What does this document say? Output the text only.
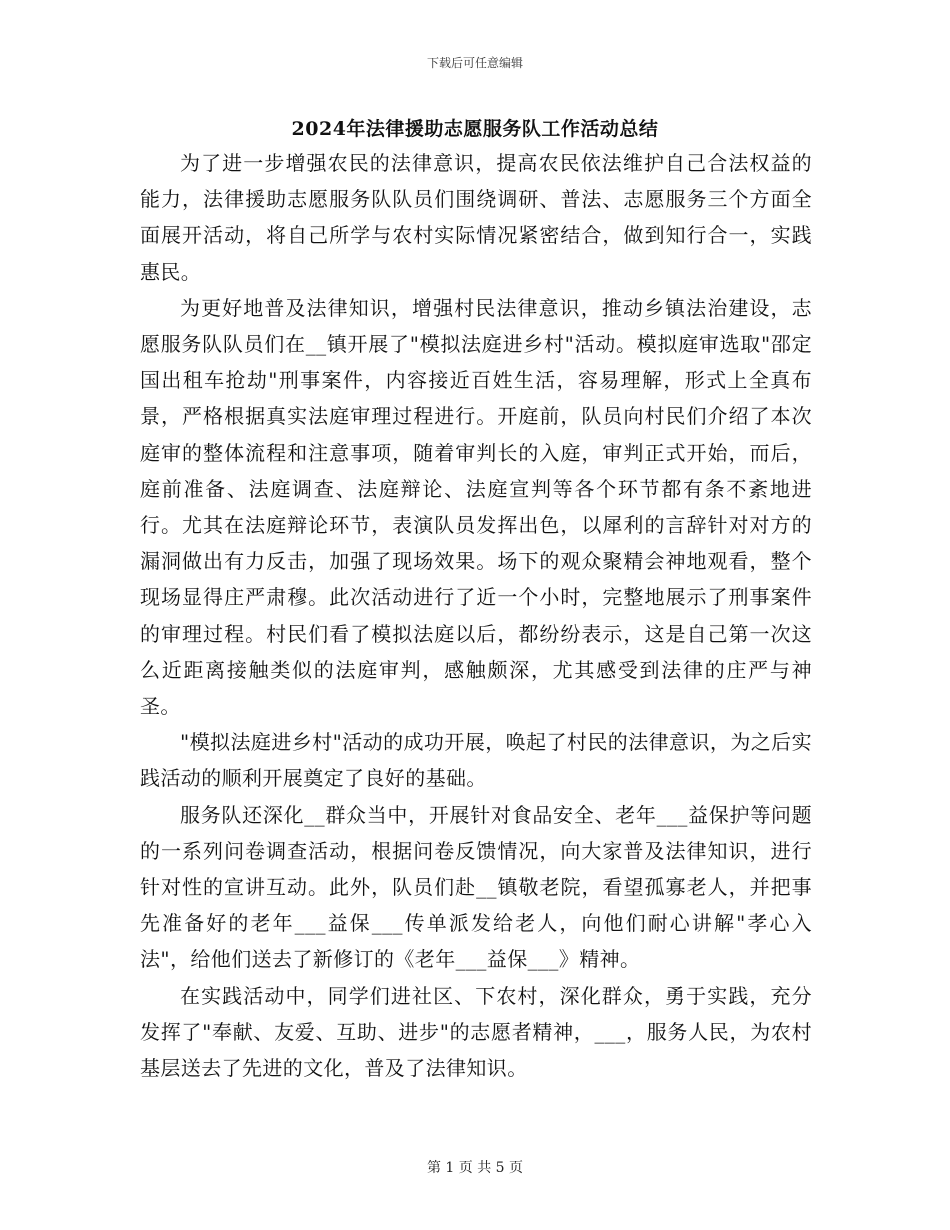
下载后可任意编辑
2024年法律援助志愿服务队工作活动总结

为了进一步增强农民的法律意识，提高农民依法维护自己合法权益的能力，法律援助志愿服务队队员们围绕调研、普法、志愿服务三个方面全面展开活动，将自己所学与农村实际情况紧密结合，做到知行合一，实践惠民。

为更好地普及法律知识，增强村民法律意识，推动乡镇法治建设，志愿服务队队员们在__镇开展了"模拟法庭进乡村"活动。模拟庭审选取"邵定国出租车抢劫"刑事案件，内容接近百姓生活，容易理解，形式上全真布景，严格根据真实法庭审理过程进行。开庭前，队员向村民们介绍了本次庭审的整体流程和注意事项，随着审判长的入庭，审判正式开始，而后，庭前准备、法庭调查、法庭辩论、法庭宣判等各个环节都有条不紊地进行。尤其在法庭辩论环节，表演队员发挥出色，以犀利的言辞针对对方的漏洞做出有力反击，加强了现场效果。场下的观众聚精会神地观看，整个现场显得庄严肃穆。此次活动进行了近一个小时，完整地展示了刑事案件的审理过程。村民们看了模拟法庭以后，都纷纷表示，这是自己第一次这么近距离接触类似的法庭审判，感触颇深，尤其感受到法律的庄严与神圣。

"模拟法庭进乡村"活动的成功开展，唤起了村民的法律意识，为之后实践活动的顺利开展奠定了良好的基础。

服务队还深化__群众当中，开展针对食品安全、老年___益保护等问题的一系列问卷调查活动，根据问卷反馈情况，向大家普及法律知识，进行针对性的宣讲互动。此外，队员们赴__镇敬老院，看望孤寡老人，并把事先准备好的老年___益保___传单派发给老人，向他们耐心讲解"孝心入法"，给他们送去了新修订的《老年___益保___》精神。

在实践活动中，同学们进社区、下农村，深化群众，勇于实践，充分发挥了"奉献、友爱、互助、进步"的志愿者精神，___，服务人民，为农村基层送去了先进的文化，普及了法律知识。

第 1 页 共 5 页
